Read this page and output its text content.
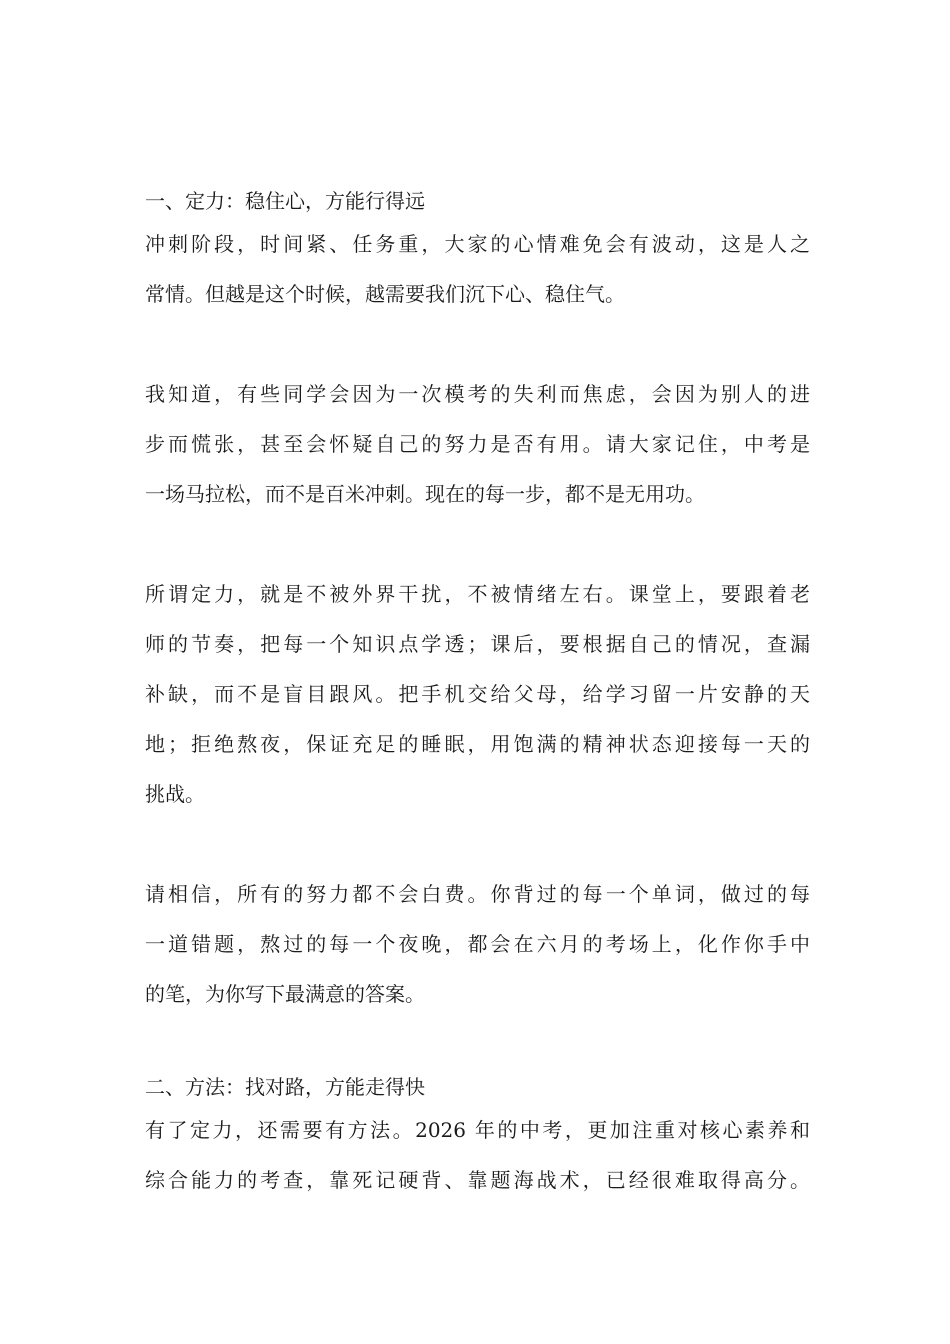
一、定力：稳住心，方能行得远
冲刺阶段，时间紧、任务重，大家的心情难免会有波动，这是人之
常情。但越是这个时候，越需要我们沉下心、稳住气。
我知道，有些同学会因为一次模考的失利而焦虑，会因为别人的进
步而慌张，甚至会怀疑自己的努力是否有用。请大家记住，中考是
一场马拉松，而不是百米冲刺。现在的每一步，都不是无用功。
所谓定力，就是不被外界干扰，不被情绪左右。课堂上，要跟着老
师的节奏，把每一个知识点学透；课后，要根据自己的情况，查漏
补缺，而不是盲目跟风。把手机交给父母，给学习留一片安静的天
地；拒绝熬夜，保证充足的睡眠，用饱满的精神状态迎接每一天的
挑战。
请相信，所有的努力都不会白费。你背过的每一个单词，做过的每
一道错题，熬过的每一个夜晚，都会在六月的考场上，化作你手中
的笔，为你写下最满意的答案。
二、方法：找对路，方能走得快
有了定力，还需要有方法。2026 年的中考，更加注重对核心素养和
综合能力的考查，靠死记硬背、靠题海战术，已经很难取得高分。
